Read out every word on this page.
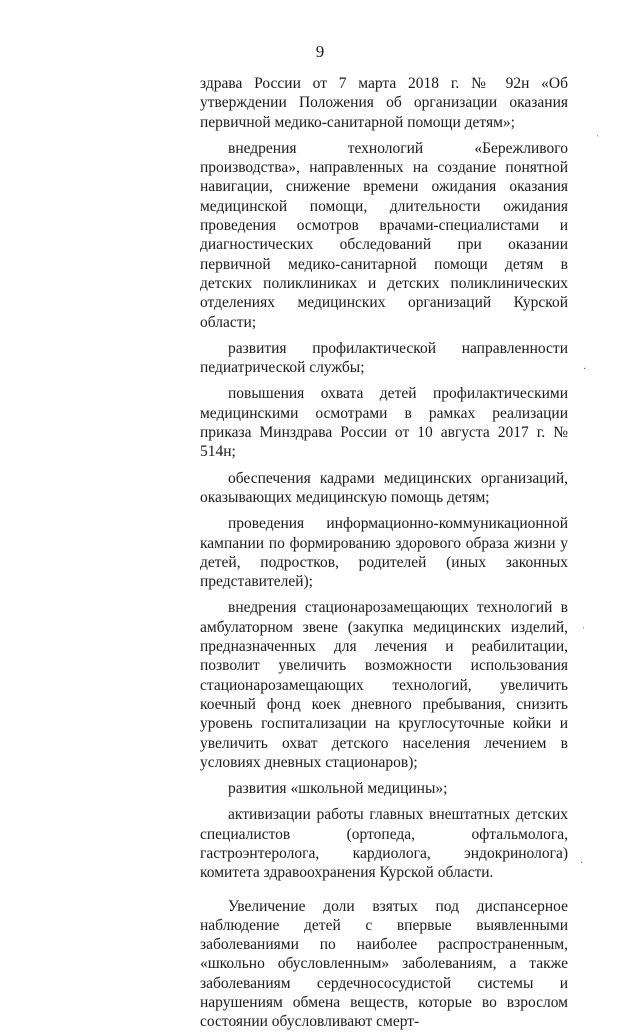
9

здрава России от 7 марта 2018 г. № 92н «Об утверждении Положения об организации оказания первичной медико-санитарной помощи детям»;

внедрения технологий «Бережливого производства», направленных на создание понятной навигации, снижение времени ожидания оказания медицинской помощи, длительности ожидания проведения осмотров врачами-специалистами и диагностических обследований при оказании первичной медико-санитарной помощи детям в детских поликлиниках и детских поликлинических отделениях медицинских организаций Курской области;

развития профилактической направленности педиатрической службы;

повышения охвата детей профилактическими медицинскими осмотрами в рамках реализации приказа Минздрава России от 10 августа 2017 г. № 514н;

обеспечения кадрами медицинских организаций, оказывающих медицинскую помощь детям;

проведения информационно-коммуникационной кампании по формированию здорового образа жизни у детей, подростков, родителей (иных законных представителей);

внедрения стационарозамещающих технологий в амбулаторном звене (закупка медицинских изделий, предназначенных для лечения и реабилитации, позволит увеличить возможности использования стационарозамещающих технологий, увеличить коечный фонд коек дневного пребывания, снизить уровень госпитализации на круглосуточные койки и увеличить охват детского населения лечением в условиях дневных стационаров);

развития «школьной медицины»;

активизации работы главных внештатных детских специалистов (ортопеда, офтальмолога, гастроэнтеролога, кардиолога, эндокринолога) комитета здравоохранения Курской области.

Увеличение доли взятых под диспансерное наблюдение детей с впервые выявленными заболеваниями по наиболее распространенным, «школьно обусловленным» заболеваниям, а также заболеваниям сердечнососудистой системы и нарушениям обмена веществ, которые во взрослом состоянии обусловливают смерт-

ˈ
·
ˈ
·
